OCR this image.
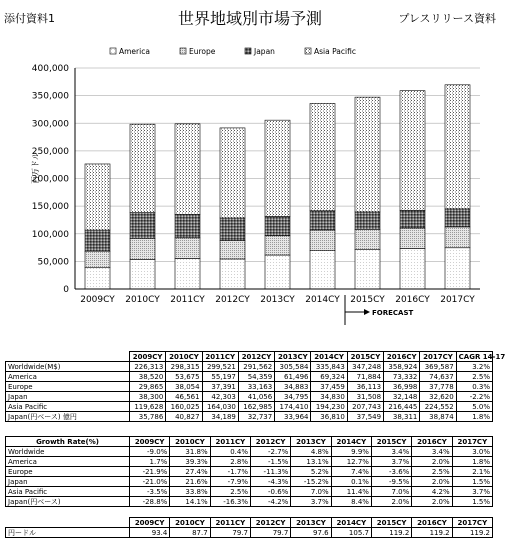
添付資料1	世界地域別市場予測	プレスリリース資料
America	Europe	Japan	Asia Pacific
0
50,000
100,000
150,000
200,000
250,000
300,000
350,000
400,000
2009CY 2010CY 2011CY 2012CY 2013CY 2014CY 2015CY 2016CY 2017CY
百万ドル
FORECAST
	2009CY	2010CY	2011CY	2012CY	2013CY	2014CY	2015CY	2016CY	2017CY	CAGR 14-17
Worldwide(M$)	226,313	298,315	299,521	291,562	305,584	335,843	347,248	358,924	369,587	3.2%
America	38,520	53,675	55,197	54,359	61,496	69,324	71,884	73,332	74,637	2.5%
Europe	29,865	38,054	37,391	33,163	34,883	37,459	36,113	36,998	37,778	0.3%
Japan	38,300	46,561	42,303	41,056	34,795	34,830	31,508	32,148	32,620	-2.2%
Asia Pacific	119,628	160,025	164,030	162,985	174,410	194,230	207,743	216,445	224,552	5.0%
Japan(円ベース) 億円	35,786	40,827	34,189	32,737	33,964	36,810	37,549	38,311	38,874	1.8%
Growth Rate(%)	2009CY	2010CY	2011CY	2012CY	2013CY	2014CY	2015CY	2016CY	2017CY
Worldwide	-9.0%	31.8%	0.4%	-2.7%	4.8%	9.9%	3.4%	3.4%	3.0%
America	1.7%	39.3%	2.8%	-1.5%	13.1%	12.7%	3.7%	2.0%	1.8%
Europe	-21.9%	27.4%	-1.7%	-11.3%	5.2%	7.4%	-3.6%	2.5%	2.1%
Japan	-21.0%	21.6%	-7.9%	-4.3%	-15.2%	0.1%	-9.5%	2.0%	1.5%
Asia Pacific	-3.5%	33.8%	2.5%	-0.6%	7.0%	11.4%	7.0%	4.2%	3.7%
Japan(円ベース)	-28.8%	14.1%	-16.3%	-4.2%	3.7%	8.4%	2.0%	2.0%	1.5%
	2009CY	2010CY	2011CY	2012CY	2013CY	2014CY	2015CY	2016CY	2017CY
円ードル	93.4	87.7	79.7	79.7	97.6	105.7	119.2	119.2	119.2
